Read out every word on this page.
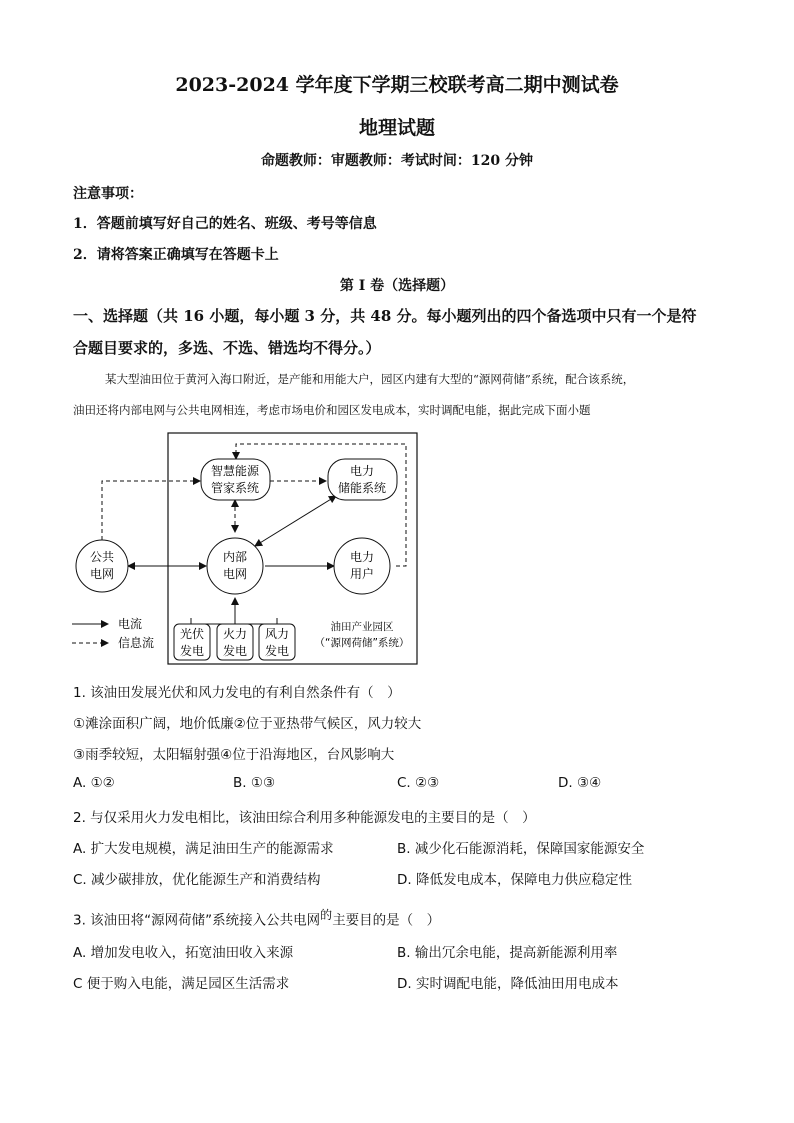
2023-2024 学年度下学期三校联考高二期中测试卷
地理试题
命题教师：审题教师：考试时间：120 分钟
注意事项：
1．答题前填写好自己的姓名、班级、考号等信息
2．请将答案正确填写在答题卡上
第 I 卷（选择题）
一、选择题（共 16 小题，每小题 3 分，共 48 分。每小题列出的四个备选项中只有一个是符
合题目要求的，多选、不选、错选均不得分。）
某大型油田位于黄河入海口附近，是产能和用能大户，园区内建有大型的“源网荷储”系统，配合该系统，
油田还将内部电网与公共电网相连，考虑市场电价和园区发电成本，实时调配电能，据此完成下面小题
智慧能源
管家系统
电力
储能系统
公共
电网
内部
电网
电力
用户
光伏
发电
火力
发电
风力
发电
电流
信息流
油田产业园区
（“源网荷储”系统）
1. 该油田发展光伏和风力发电的有利自然条件有（　）
①滩涂面积广阔，地价低廉②位于亚热带气候区，风力较大
③雨季较短，太阳辐射强④位于沿海地区，台风影响大
A. ①②	B. ①③	C. ②③	D. ③④
2. 与仅采用火力发电相比，该油田综合利用多种能源发电的主要目的是（　）
A. 扩大发电规模，满足油田生产的能源需求	B. 减少化石能源消耗，保障国家能源安全
C. 减少碳排放，优化能源生产和消费结构	D. 降低发电成本，保障电力供应稳定性
3. 该油田将“源网荷储”系统接入公共电网$^的$主要目的是（　）
A. 增加发电收入，拓宽油田收入来源	B. 输出冗余电能，提高新能源利用率
C 便于购入电能，满足园区生活需求	D. 实时调配电能，降低油田用电成本
